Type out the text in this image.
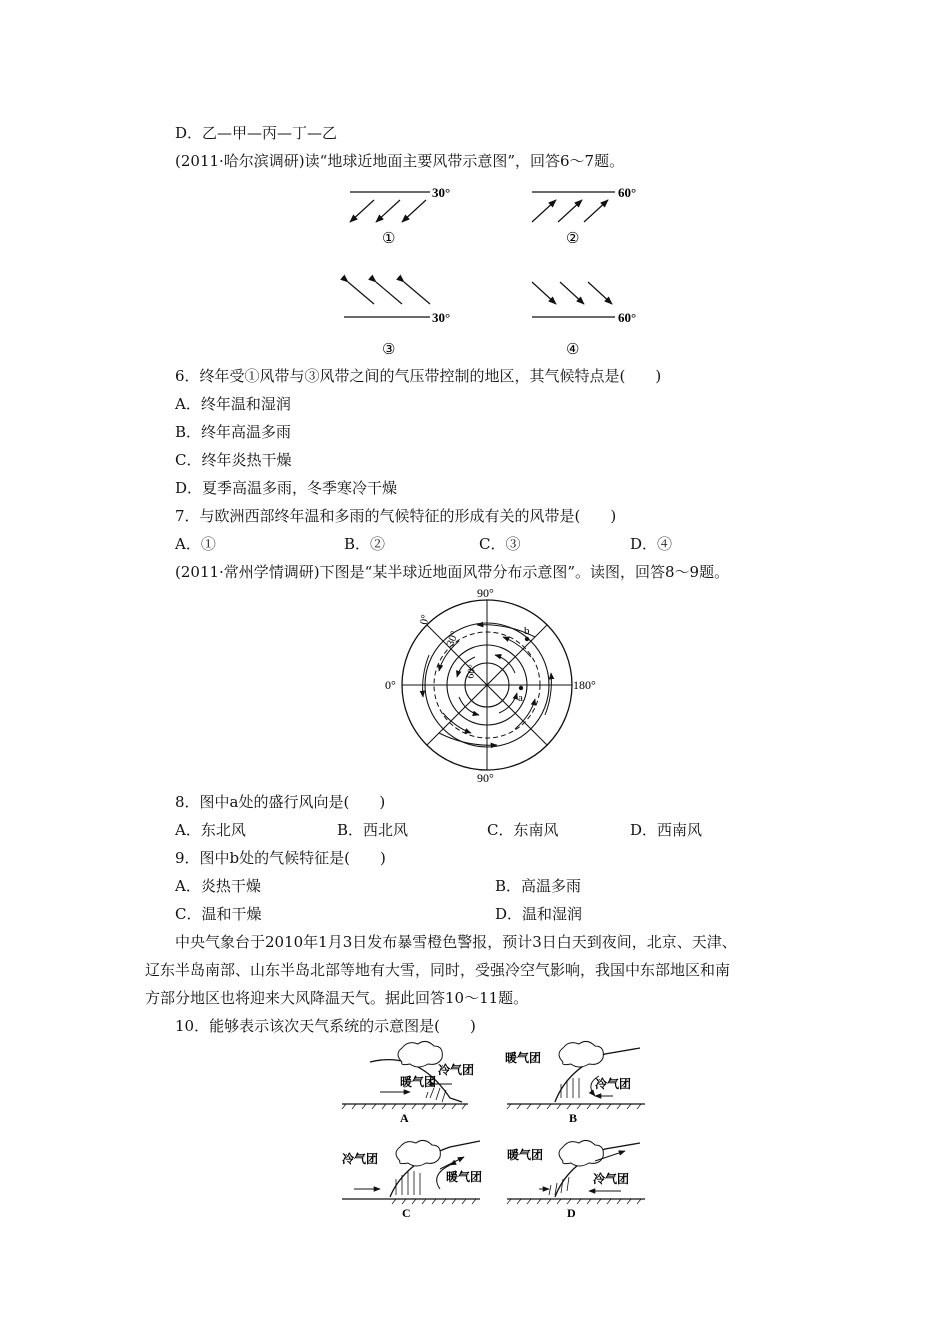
D．乙—甲—丙—丁—乙
(2011·哈尔滨调研)读“地球近地面主要风带示意图”，回答6～7题。
30°
①
60°
②
30°
③
60°
④
6．终年受①风带与③风带之间的气压带控制的地区，其气候特点是(　　)
A．终年温和湿润
B．终年高温多雨
C．终年炎热干燥
D．夏季高温多雨，冬季寒冷干燥
7．与欧洲西部终年温和多雨的气候特征的形成有关的风带是(　　)
A．①	B．②	C．③	D．④
(2011·常州学情调研)下图是“某半球近地面风带分布示意图”。读图，回答8～9题。
a
b
30°
60°
0°
90°
90°
0°	180°
8．图中a处的盛行风向是(　　)
A．东北风	B．西北风	C．东南风	D．西南风
9．图中b处的气候特征是(　　)
A．炎热干燥	B．高温多雨
C．温和干燥	D．温和湿润
中央气象台于2010年1月3日发布暴雪橙色警报，预计3日白天到夜间，北京、天津、
辽东半岛南部、山东半岛北部等地有大雪，同时，受强冷空气影响，我国中东部地区和南
方部分地区也将迎来大风降温天气。据此回答10～11题。
10．能够表示该次天气系统的示意图是(　　)
暖气团
冷气团
A
暖气团
冷气团
B
冷气团
暖气团
C
暖气团
冷气团
D
